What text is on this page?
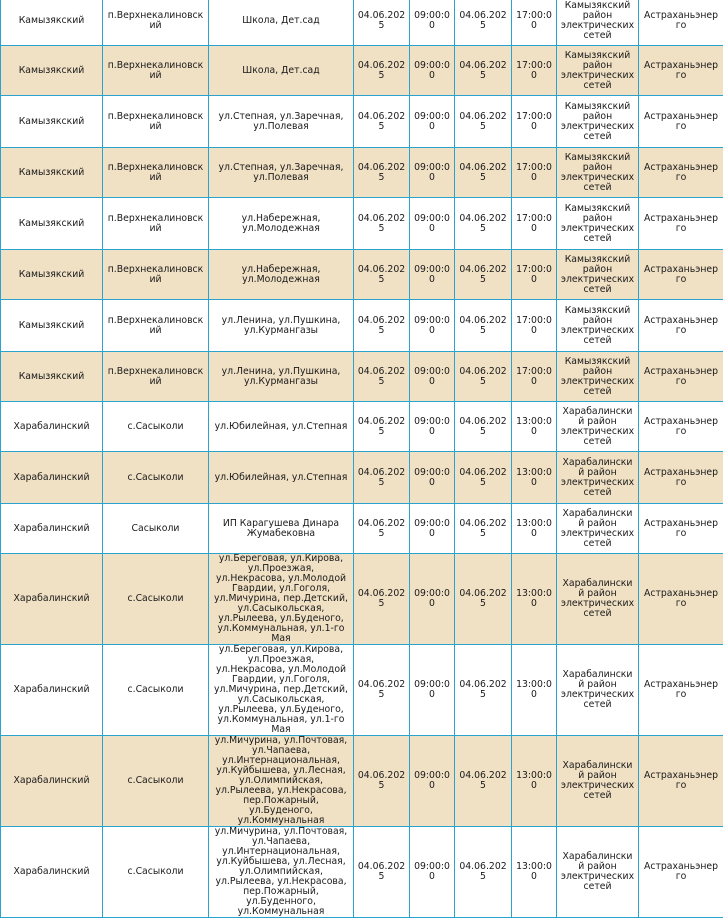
Камызякский	п.Верхнекалиновский	Школа, Дет.сад	04.06.2025	09:00:00	04.06.2025	17:00:00	Камызякский район электрических сетей	Астраханьэнерго
Камызякский	п.Верхнекалиновский	Школа, Дет.сад	04.06.2025	09:00:00	04.06.2025	17:00:00	Камызякский район электрических сетей	Астраханьэнерго
Камызякский	п.Верхнекалиновский	ул.Степная, ул.Заречная, ул.Полевая	04.06.2025	09:00:00	04.06.2025	17:00:00	Камызякский район электрических сетей	Астраханьэнерго
Камызякский	п.Верхнекалиновский	ул.Степная, ул.Заречная, ул.Полевая	04.06.2025	09:00:00	04.06.2025	17:00:00	Камызякский район электрических сетей	Астраханьэнерго
Камызякский	п.Верхнекалиновский	ул.Набережная, ул.Молодежная	04.06.2025	09:00:00	04.06.2025	17:00:00	Камызякский район электрических сетей	Астраханьэнерго
Камызякский	п.Верхнекалиновский	ул.Набережная, ул.Молодежная	04.06.2025	09:00:00	04.06.2025	17:00:00	Камызякский район электрических сетей	Астраханьэнерго
Камызякский	п.Верхнекалиновский	ул.Ленина, ул.Пушкина, ул.Курмангазы	04.06.2025	09:00:00	04.06.2025	17:00:00	Камызякский район электрических сетей	Астраханьэнерго
Камызякский	п.Верхнекалиновский	ул.Ленина, ул.Пушкина, ул.Курмангазы	04.06.2025	09:00:00	04.06.2025	17:00:00	Камызякский район электрических сетей	Астраханьэнерго
Харабалинский	с.Сасыколи	ул.Юбилейная, ул.Степная	04.06.2025	09:00:00	04.06.2025	13:00:00	Харабалинский район электрических сетей	Астраханьэнерго
Харабалинский	с.Сасыколи	ул.Юбилейная, ул.Степная	04.06.2025	09:00:00	04.06.2025	13:00:00	Харабалинский район электрических сетей	Астраханьэнерго
Харабалинский	Сасыколи	ИП Карагушева Динара Жумабековна	04.06.2025	09:00:00	04.06.2025	13:00:00	Харабалинский район электрических сетей	Астраханьэнерго
Харабалинский	с.Сасыколи	ул.Береговая, ул.Кирова, ул.Проезжая, ул.Некрасова, ул.Молодой Гвардии, ул.Гоголя, ул.Мичурина, пер.Детский, ул.Сасыкольская, ул.Рылеева, ул.Буденого, ул.Коммунальная, ул.1-го Мая	04.06.2025	09:00:00	04.06.2025	13:00:00	Харабалинский район электрических сетей	Астраханьэнерго
Харабалинский	с.Сасыколи	ул.Береговая, ул.Кирова, ул.Проезжая, ул.Некрасова, ул.Молодой Гвардии, ул.Гоголя, ул.Мичурина, пер.Детский, ул.Сасыкольская, ул.Рылеева, ул.Буденого, ул.Коммунальная, ул.1-го Мая	04.06.2025	09:00:00	04.06.2025	13:00:00	Харабалинский район электрических сетей	Астраханьэнерго
Харабалинский	с.Сасыколи	ул.Мичурина, ул.Почтовая, ул.Чапаева, ул.Интернациональная, ул.Куйбышева, ул.Лесная, ул.Олимпийская, ул.Рылеева, ул.Некрасова, пер.Пожарный, ул.Буденого, ул.Коммунальная	04.06.2025	09:00:00	04.06.2025	13:00:00	Харабалинский район электрических сетей	Астраханьэнерго
Харабалинский	с.Сасыколи	ул.Мичурина, ул.Почтовая, ул.Чапаева, ул.Интернациональная, ул.Куйбышева, ул.Лесная, ул.Олимпийская, ул.Рылеева, ул.Некрасова, пер.Пожарный, ул.Буденного, ул.Коммунальная	04.06.2025	09:00:00	04.06.2025	13:00:00	Харабалинский район электрических сетей	Астраханьэнерго
